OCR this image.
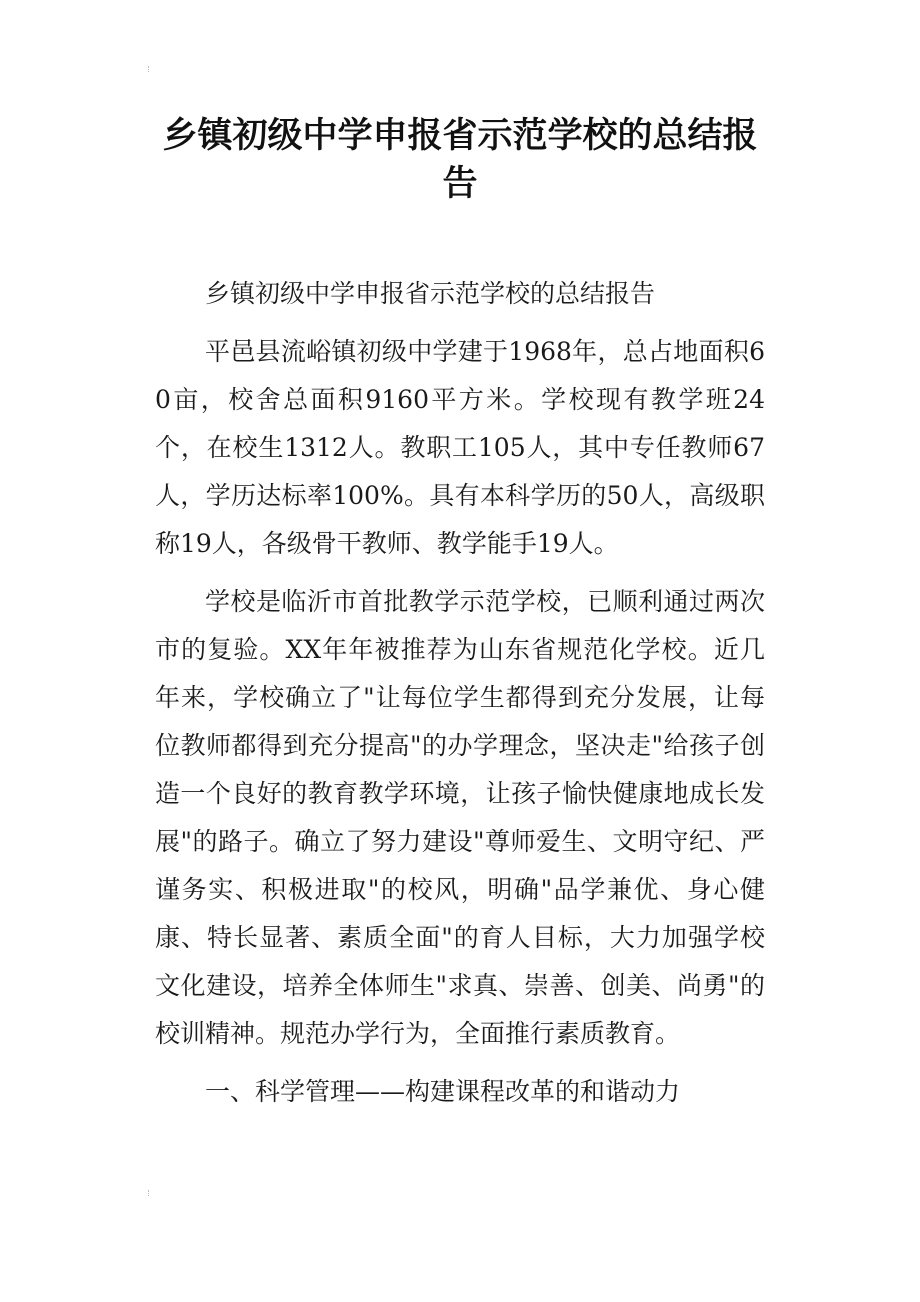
乡镇初级中学申报省示范学校的总结报告

乡镇初级中学申报省示范学校的总结报告

平邑县流峪镇初级中学建于1968年，总占地面积60亩，校舍总面积9160平方米。学校现有教学班24个，在校生1312人。教职工105人，其中专任教师67人，学历达标率100%。具有本科学历的50人，高级职称19人，各级骨干教师、教学能手19人。

学校是临沂市首批教学示范学校，已顺利通过两次市的复验。XX年年被推荐为山东省规范化学校。近几年来，学校确立了"让每位学生都得到充分发展，让每位教师都得到充分提高"的办学理念，坚决走"给孩子创造一个良好的教育教学环境，让孩子愉快健康地成长发展"的路子。确立了努力建设"尊师爱生、文明守纪、严谨务实、积极进取"的校风，明确"品学兼优、身心健康、特长显著、素质全面"的育人目标，大力加强学校文化建设，培养全体师生"求真、崇善、创美、尚勇"的校训精神。规范办学行为，全面推行素质教育。

一、科学管理——构建课程改革的和谐动力
